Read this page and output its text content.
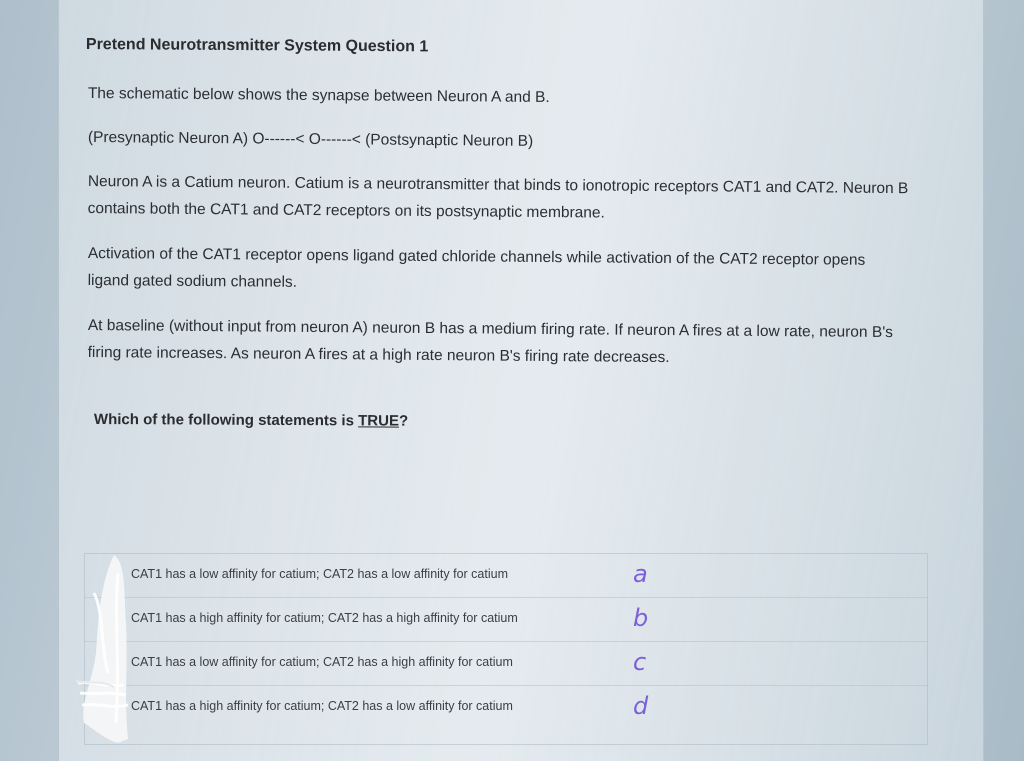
Pretend Neurotransmitter System Question 1

The schematic below shows the synapse between Neuron A and B.

(Presynaptic Neuron A) O------< O------< (Postsynaptic Neuron B)

Neuron A is a Catium neuron. Catium is a neurotransmitter that binds to ionotropic receptors CAT1 and CAT2. Neuron B contains both the CAT1 and CAT2 receptors on its postsynaptic membrane.

Activation of the CAT1 receptor opens ligand gated chloride channels while activation of the CAT2 receptor opens ligand gated sodium channels.

At baseline (without input from neuron A) neuron B has a medium firing rate. If neuron A fires at a low rate, neuron B's firing rate increases. As neuron A fires at a high rate neuron B's firing rate decreases.

Which of the following statements is TRUE?

CAT1 has a low affinity for catium; CAT2 has a low affinity for catium	a
CAT1 has a high affinity for catium; CAT2 has a high affinity for catium	b
CAT1 has a low affinity for catium; CAT2 has a high affinity for catium	c
CAT1 has a high affinity for catium; CAT2 has a low affinity for catium	d
